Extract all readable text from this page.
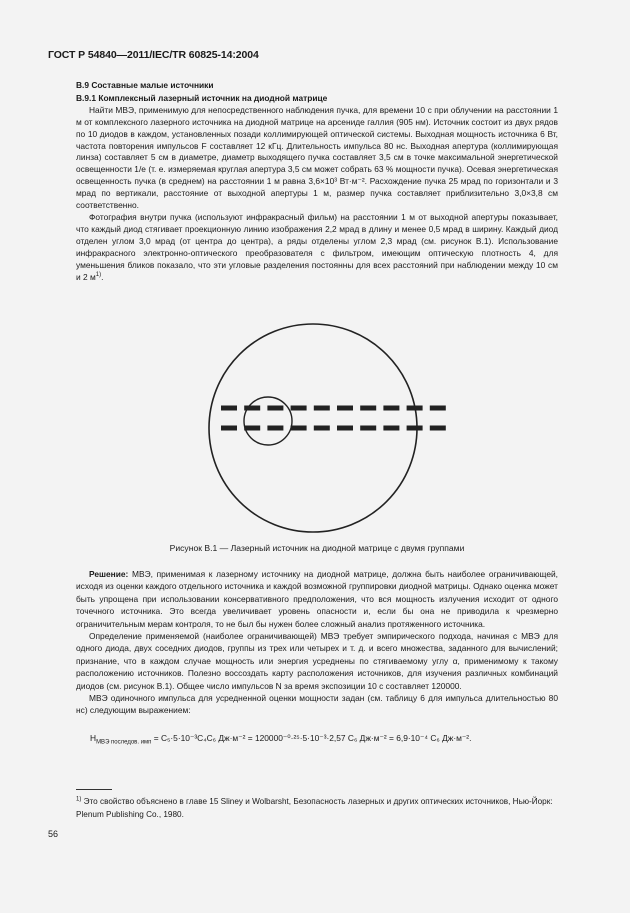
ГОСТ Р 54840—2011/IEC/TR 60825-14:2004
В.9 Составные малые источники
В.9.1 Комплексный лазерный источник на диодной матрице

Найти МВЭ, применимую для непосредственного наблюдения пучка, для времени 10 с при облучении на расстоянии 1 м от комплексного лазерного источника на диодной матрице на арсениде галлия (905 нм). Источник состоит из двух рядов по 10 диодов в каждом, установленных позади коллимирующей оптической системы. Выходная мощность источника 6 Вт, частота повторения импульсов F составляет 12 кГц. Длительность импульса 80 нс. Выходная апертура (коллимирующая линза) составляет 5 см в диаметре, диаметр выходящего пучка составляет 3,5 см в точке максимальной энергетической освещенности 1/e (т. е. измеряемая круглая апертура 3,5 см может собрать 63 % мощности пучка). Осевая энергетическая освещенность пучка (в среднем) на расстоянии 1 м равна 3,6×10³ Вт·м⁻². Расхождение пучка 25 мрад по горизонтали и 3 мрад по вертикали, расстояние от выходной апертуры 1 м, размер пучка составляет приблизительно 3,0×3,8 см соответственно.

Фотография внутри пучка (используют инфракрасный фильм) на расстоянии 1 м от выходной апертуры показывает, что каждый диод стягивает проекционную линию изображения 2,2 мрад в длину и менее 0,5 мрад в ширину. Каждый диод отделен углом 3,0 мрад (от центра до центра), а ряды отделены углом 2,3 мрад (см. рисунок В.1). Использование инфракрасного электронно-оптического преобразователя с фильтром, имеющим оптическую плотность 4, для уменьшения бликов показало, что эти угловые разделения постоянны для всех расстояний при наблюдении между 10 см и 2 $м^{1)}$.

Рисунок В.1 — Лазерный источник на диодной матрице с двумя группами

Решение: МВЭ, применимая к лазерному источнику на диодной матрице, должна быть наиболее ограничивающей, исходя из оценки каждого отдельного источника и каждой возможной группировки диодной матрицы. Однако оценка может быть упрощена при использовании консервативного предположения, что вся мощность излучения исходит от одного точечного источника. Это всегда увеличивает уровень опасности и, если бы она не приводила к чрезмерно ограничительным мерам контроля, то не был бы нужен более сложный анализ протяженного источника.

Определение применяемой (наиболее ограничивающей) МВЭ требует эмпирического подхода, начиная с МВЭ для одного диода, двух соседних диодов, группы из трех или четырех и т. д. и всего множества, заданного для вычислений; признание, что в каждом случае мощность или энергия усреднены по стягиваемому углу α, применимому к такому расположению источников. Полезно воссоздать карту расположения источников, для изучения различных комбинаций диодов (см. рисунок В.1). Общее число импульсов N за время экспозиции 10 с составляет 120000.

МВЭ одиночного импульса для усредненной оценки мощности задан (см. таблицу 6 для импульса длительностью 80 нс) следующим выражением:

$H_{МВЭ последов. имп} = C_5\cdot 5\cdot 10^{-3}C_4C_6$ Дж·м⁻² = 120000⁻⁰·²⁵·5·10⁻³·2,57 C₆ Дж·м⁻² = 6,9·10⁻⁴ C₆ Дж·м⁻².
$^{1)}$ Это свойство объяснено в главе 15 Sliney и Wolbarsht, Безопасность лазерных и других оптических источников, Нью-Йорк: Plenum Publishing Co., 1980.
56
